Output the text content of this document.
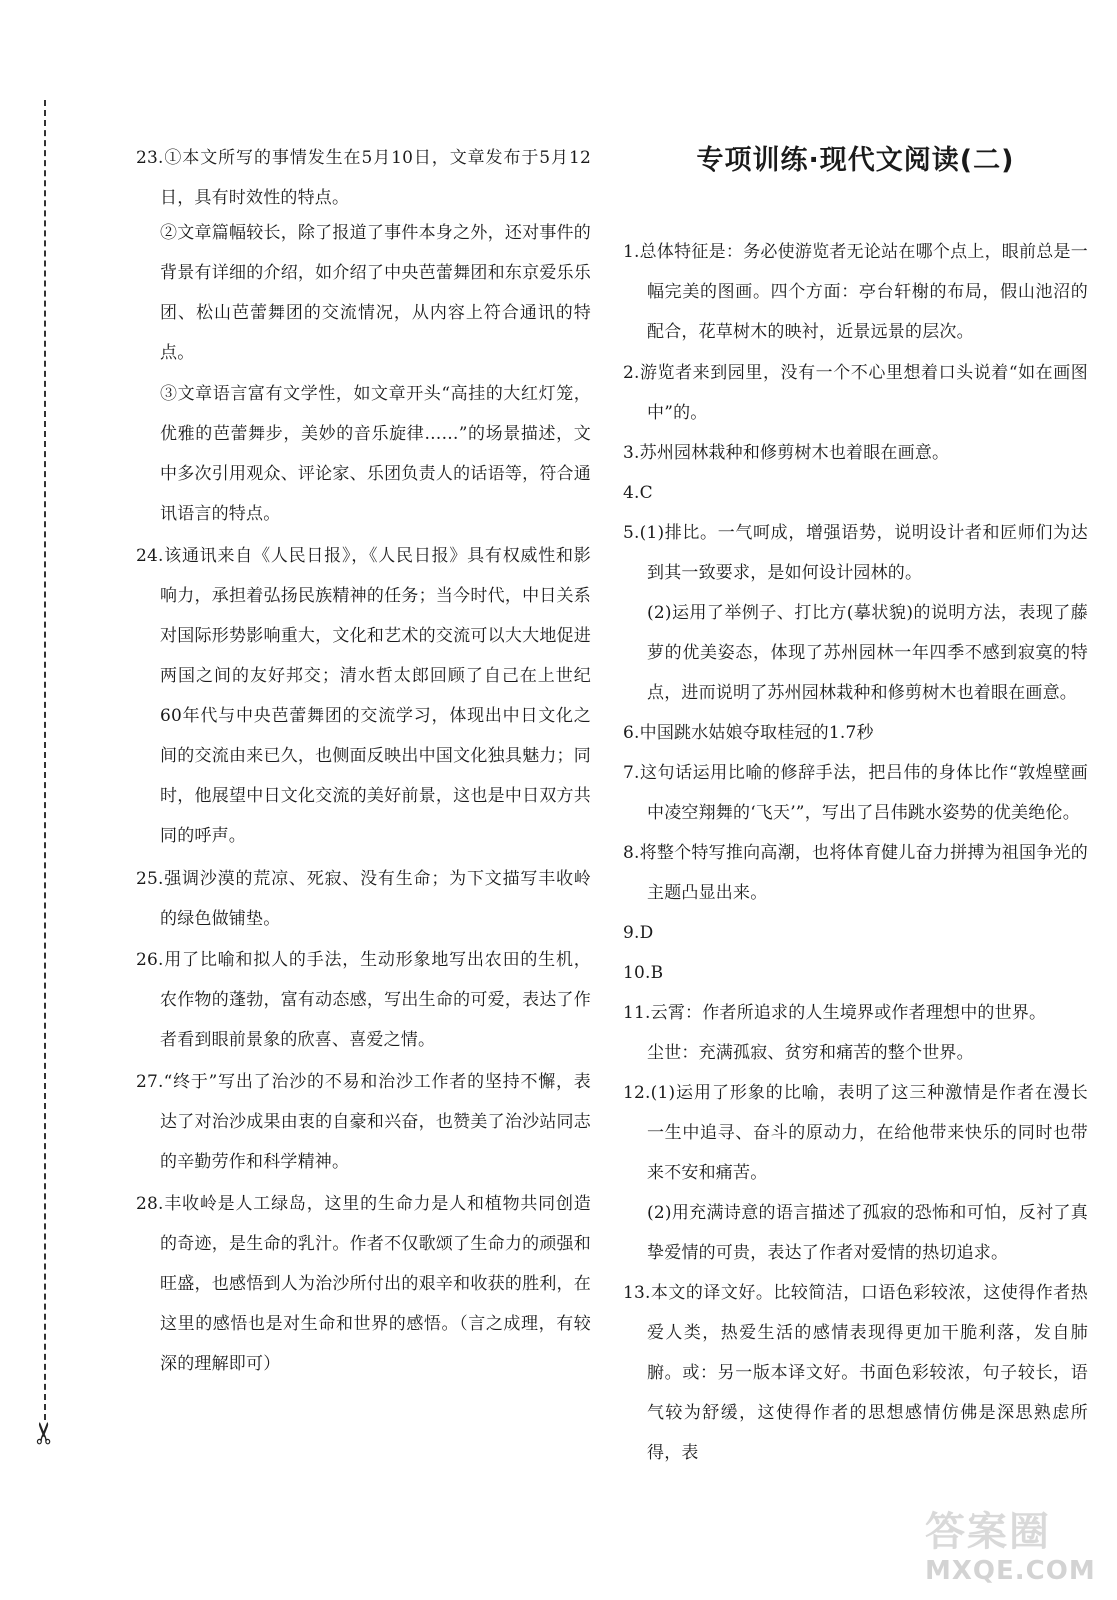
✂
23.①本文所写的事情发生在5月10日，文章发布于5月12日，具有时效性的特点。
②文章篇幅较长，除了报道了事件本身之外，还对事件的背景有详细的介绍，如介绍了中央芭蕾舞团和东京爱乐乐团、松山芭蕾舞团的交流情况，从内容上符合通讯的特点。
③文章语言富有文学性，如文章开头“高挂的大红灯笼，优雅的芭蕾舞步，美妙的音乐旋律……”的场景描述，文中多次引用观众、评论家、乐团负责人的话语等，符合通讯语言的特点。
24.该通讯来自《人民日报》，《人民日报》具有权威性和影响力，承担着弘扬民族精神的任务；当今时代，中日关系对国际形势影响重大，文化和艺术的交流可以大大地促进两国之间的友好邦交；清水哲太郎回顾了自己在上世纪60年代与中央芭蕾舞团的交流学习，体现出中日文化之间的交流由来已久，也侧面反映出中国文化独具魅力；同时，他展望中日文化交流的美好前景，这也是中日双方共同的呼声。
25.强调沙漠的荒凉、死寂、没有生命；为下文描写丰收岭的绿色做铺垫。
26.用了比喻和拟人的手法，生动形象地写出农田的生机，农作物的蓬勃，富有动态感，写出生命的可爱，表达了作者看到眼前景象的欣喜、喜爱之情。
27.“终于”写出了治沙的不易和治沙工作者的坚持不懈，表达了对治沙成果由衷的自豪和兴奋，也赞美了治沙站同志的辛勤劳作和科学精神。
28.丰收岭是人工绿岛，这里的生命力是人和植物共同创造的奇迹，是生命的乳汁。作者不仅歌颂了生命力的顽强和旺盛，也感悟到人为治沙所付出的艰辛和收获的胜利，在这里的感悟也是对生命和世界的感悟。（言之成理，有较深的理解即可）
专项训练·现代文阅读(二)
1.总体特征是：务必使游览者无论站在哪个点上，眼前总是一幅完美的图画。四个方面：亭台轩榭的布局，假山池沼的配合，花草树木的映衬，近景远景的层次。
2.游览者来到园里，没有一个不心里想着口头说着“如在画图中”的。
3.苏州园林栽种和修剪树木也着眼在画意。
4.C
5.(1)排比。一气呵成，增强语势，说明设计者和匠师们为达到其一致要求，是如何设计园林的。
(2)运用了举例子、打比方(摹状貌)的说明方法，表现了藤萝的优美姿态，体现了苏州园林一年四季不感到寂寞的特点，进而说明了苏州园林栽种和修剪树木也着眼在画意。
6.中国跳水姑娘夺取桂冠的1.7秒
7.这句话运用比喻的修辞手法，把吕伟的身体比作“敦煌壁画中凌空翔舞的‘飞天’”，写出了吕伟跳水姿势的优美绝伦。
8.将整个特写推向高潮，也将体育健儿奋力拼搏为祖国争光的主题凸显出来。
9.D
10.B
11.云霄：作者所追求的人生境界或作者理想中的世界。
尘世：充满孤寂、贫穷和痛苦的整个世界。
12.(1)运用了形象的比喻，表明了这三种激情是作者在漫长一生中追寻、奋斗的原动力，在给他带来快乐的同时也带来不安和痛苦。
(2)用充满诗意的语言描述了孤寂的恐怖和可怕，反衬了真挚爱情的可贵，表达了作者对爱情的热切追求。
13.本文的译文好。比较简洁，口语色彩较浓，这使得作者热爱人类，热爱生活的感情表现得更加干脆利落，发自肺腑。或：另一版本译文好。书面色彩较浓，句子较长，语气较为舒缓，这使得作者的思想感情仿佛是深思熟虑所得，表
答案圈
MXQE.COM
